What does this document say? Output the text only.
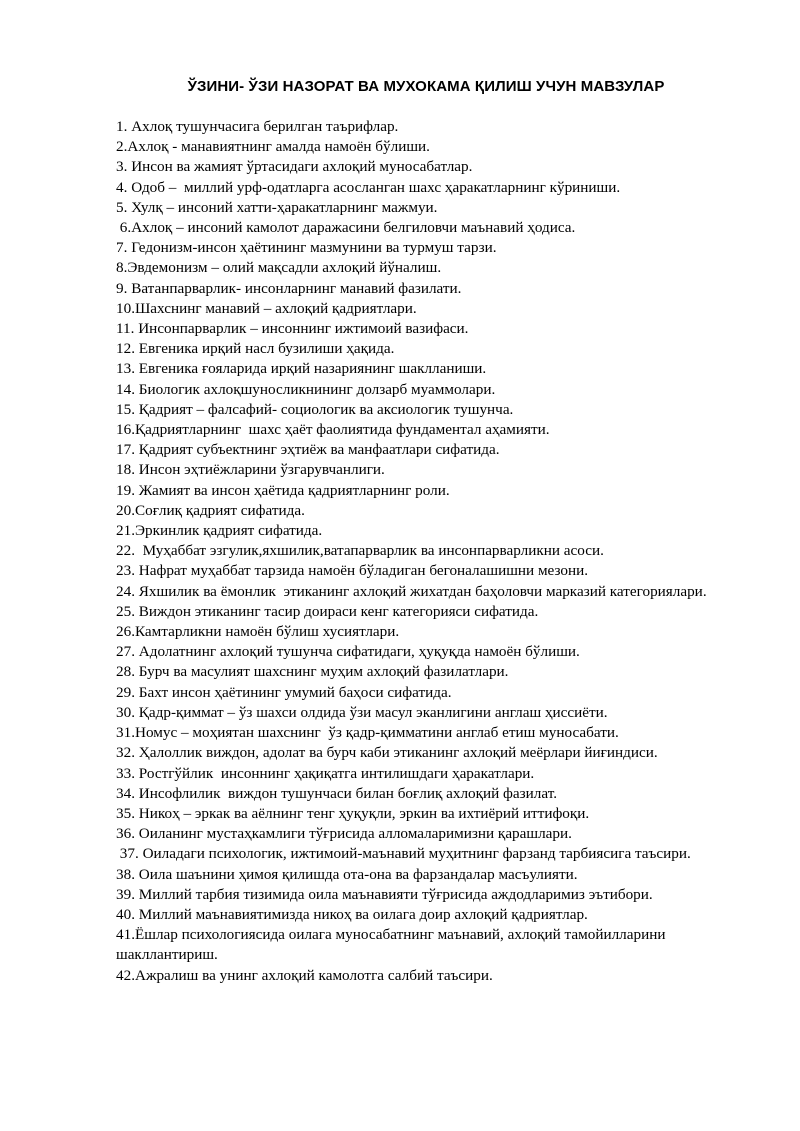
ЎЗИНИ- ЎЗИ НАЗОРАТ ВА МУХОКАМА ҚИЛИШ УЧУН МАВЗУЛАР
1. Ахлоқ тушунчасига берилган таърифлар.
2.Ахлоқ - манавиятнинг амалда намоён бўлиши.
3. Инсон ва жамият ўртасидаги ахлоқий муносабатлар.
4. Одоб –  миллий урф-одатларга асосланган шахс ҳаракатларнинг кўриниши.
5. Хулқ – инсоний хатти-ҳаракатларнинг мажмуи.
6.Ахлоқ – инсоний камолот даражасини белгиловчи маънавий ҳодиса.
7. Гедонизм-инсон ҳаётининг мазмунини ва турмуш тарзи.
8.Эвдемонизм – олий мақсадли ахлоқий йўналиш.
9. Ватанпарварлик- инсонларнинг манавий фазилати.
10.Шахснинг манавий – ахлоқий қадриятлари.
11. Инсонпарварлик – инсоннинг ижтимоий вазифаси.
12. Евгеника ирқий насл бузилиши ҳақида.
13. Евгеника ғояларида ирқий назариянинг шаклланиши.
14. Биологик ахлоқшуносликнининг долзарб муаммолари.
15. Қадрият – фалсафий- социологик ва аксиологик тушунча.
16.Қадриятларнинг  шахс ҳаёт фаолиятида фундаментал аҳамияти.
17. Қадрият субъектнинг эҳтиёж ва манфаатлари сифатида.
18. Инсон эҳтиёжларини ўзгарувчанлиги.
19. Жамият ва инсон ҳаётида қадриятларнинг роли.
20.Соғлиқ қадрият сифатида.
21.Эркинлик қадрият сифатида.
22.  Муҳаббат эзгулик,яхшилик,ватапарварлик ва инсонпарварликни асоси.
23. Нафрат муҳаббат тарзида намоён бўладиган бегоналашишни мезони.
24. Яхшилик ва ёмонлик  этиканинг ахлоқий жихатдан баҳоловчи марказий категориялари.
25. Виждон этиканинг тасир доираси кенг категорияси сифатида.
26.Камтарликни намоён бўлиш хусиятлари.
27. Адолатнинг ахлоқий тушунча сифатидаги, ҳуқуқда намоён бўлиши.
28. Бурч ва масулият шахснинг муҳим ахлоқий фазилатлари.
29. Бахт инсон ҳаётининг умумий баҳоси сифатида.
30. Қадр-қиммат – ўз шахси олдида ўзи масул эканлигини англаш ҳиссиёти.
31.Номус – моҳиятан шахснинг  ўз қадр-қимматини англаб етиш муносабати.
32. Ҳалоллик виждон, адолат ва бурч каби этиканинг ахлоқий меёрлари йиғиндиси.
33. Ростгўйлик  инсоннинг ҳақиқатга интилишдаги ҳаракатлари.
34. Инсофлилик  виждон тушунчаси билан боғлиқ ахлоқий фазилат.
35. Никоҳ – эркак ва аёлнинг тенг ҳуқуқли, эркин ва ихтиёрий иттифоқи.
36. Оиланинг мустаҳкамлиги тўғрисида алломаларимизни қарашлари.
37. Оиладаги психологик, ижтимоий-маънавий муҳитнинг фарзанд тарбиясига таъсири.
38. Оила шаънини ҳимоя қилишда ота-она ва фарзандалар масъулияти.
39. Миллий тарбия тизимида оила маънавияти тўғрисида аждодларимиз эътибори.
40. Миллий маънавиятимизда никоҳ ва оилага доир ахлоқий қадриятлар.
41.Ёшлар психологиясида оилага муносабатнинг маънавий, ахлоқий тамойилларини шакллантириш.
42.Ажралиш ва унинг ахлоқий камолотга салбий таъсири.
